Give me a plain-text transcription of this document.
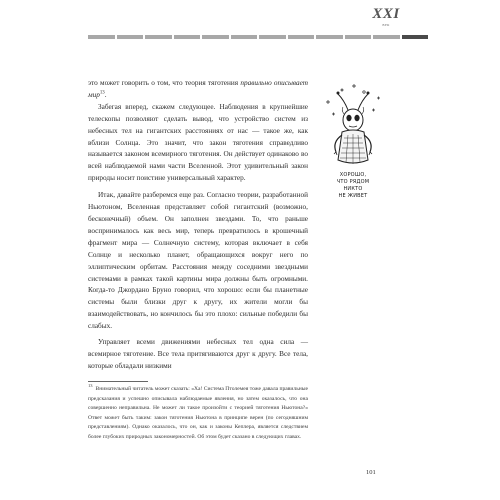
XXI
век

это может говорить о том, что теория тяготения правильно описывает мир$^{13}$.

Забегая вперед, скажем следующее. Наблюдения в крупнейшие телескопы позволяют сделать вывод, что устройство систем из небесных тел на гигантских расстояниях от нас — такое же, как вблизи Солнца. Это значит, что закон тяготения справедливо называется законом всемирного тяготения. Он действует одинаково во всей наблюдаемой нами части Вселенной. Этот удивительный закон природы носит поистине универсальный характер.

Итак, давайте разберемся еще раз. Согласно теории, разработанной Ньютоном, Вселенная представляет собой гигантский (возможно, бесконечный) объем. Он заполнен звездами. То, что раньше воспринималось как весь мир, теперь превратилось в крошечный фрагмент мира — Солнечную систему, которая включает в себя Солнце и несколько планет, обращающихся вокруг него по эллиптическим орбитам. Расстояния между соседними звездными системами в рамках такой картины мира должны быть огромными. Когда-то Джордано Бруно говорил, что хорошо: если бы планетные системы были близки друг к другу, их жители могли бы взаимодействовать, но кончилось бы это плохо: сильные победили бы слабых.

Управляет всеми движениями небесных тел одна сила — всемирное тяготение. Все тела притягиваются друг к другу. Все тела, которые обладали низкими

$^{13}$Внимательный читатель может сказать: «Ха! Система Птолемея тоже давала правильные предсказания и успешно описывала наблюдаемые явления, но затем оказалось, что она совершенно неправильна. Не может ли такое произойти с теорией тяготения Ньютона?» Ответ может быть таким: закон тяготения Ньютона в принципе верен (по сегодняшним представлениям). Однако оказалось, что он, как и законы Кеплера, является следствием более глубоких природных закономерностей. Об этом будет сказано в следующих главах.
ХОРОШО,
ЧТО РЯДОМ
НИКТО
НЕ ЖИВЕТ
101
